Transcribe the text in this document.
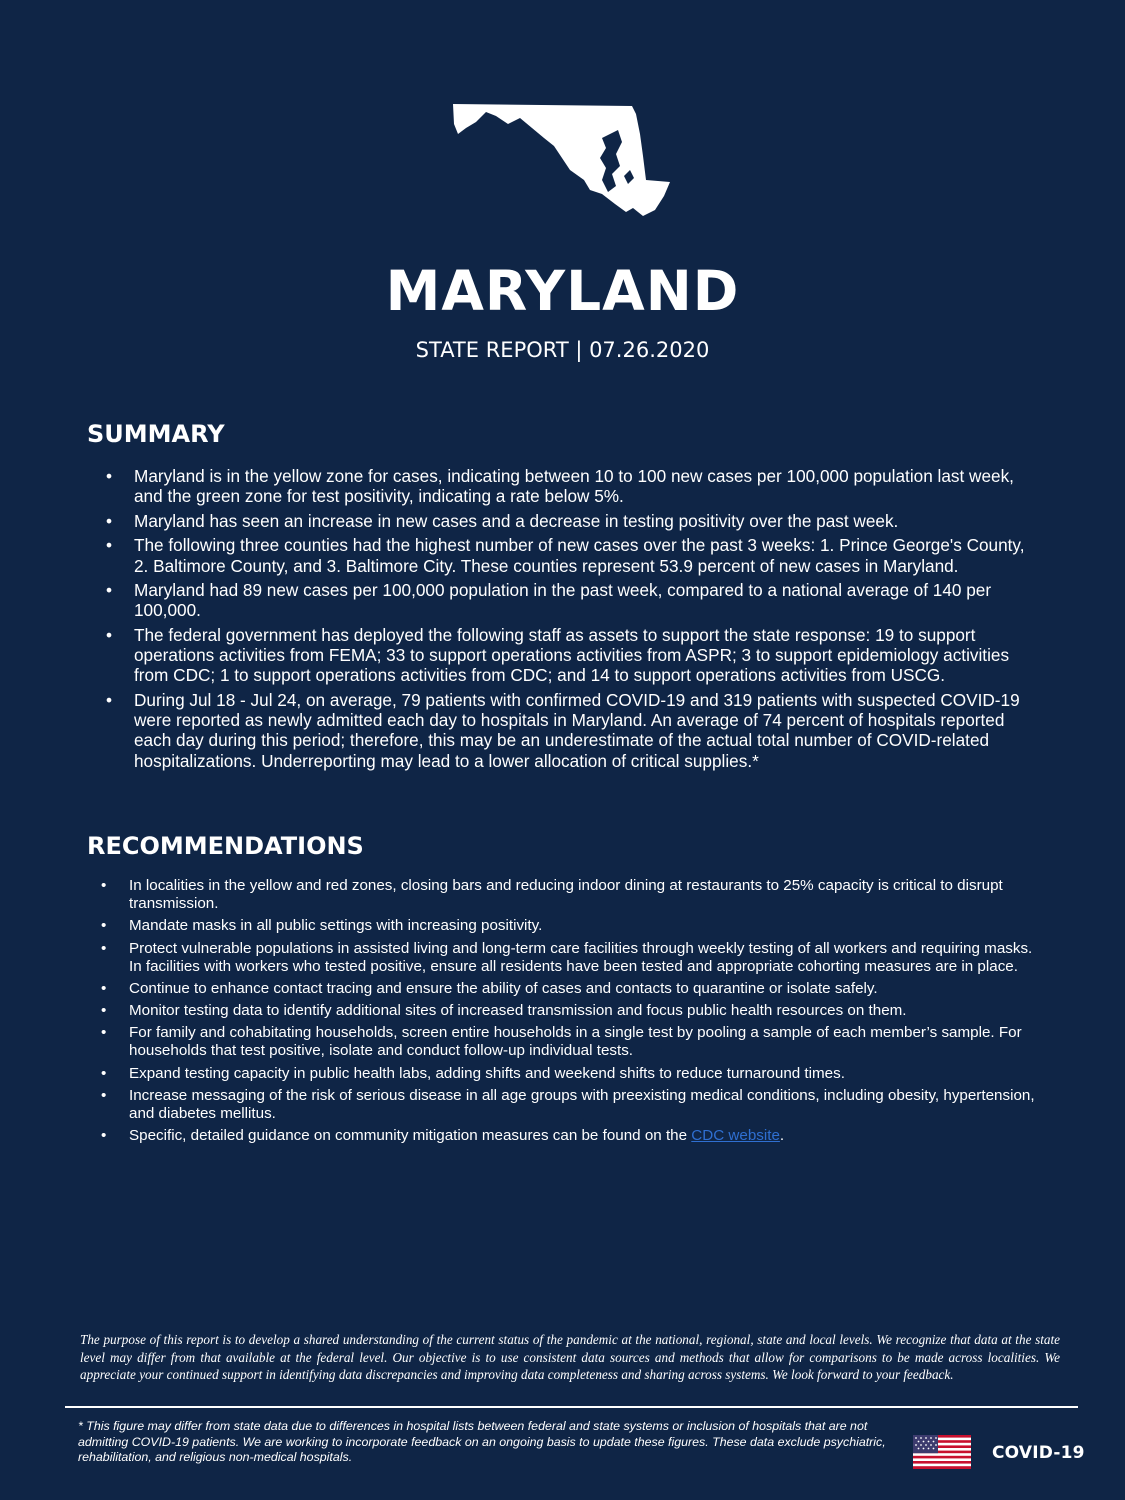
MARYLAND
STATE REPORT | 07.26.2020
SUMMARY
• Maryland is in the yellow zone for cases, indicating between 10 to 100 new cases per 100,000 population last week, and the green zone for test positivity, indicating a rate below 5%.
• Maryland has seen an increase in new cases and a decrease in testing positivity over the past week.
• The following three counties had the highest number of new cases over the past 3 weeks: 1. Prince George's County, 2. Baltimore County, and 3. Baltimore City. These counties represent 53.9 percent of new cases in Maryland.
• Maryland had 89 new cases per 100,000 population in the past week, compared to a national average of 140 per 100,000.
• The federal government has deployed the following staff as assets to support the state response: 19 to support operations activities from FEMA; 33 to support operations activities from ASPR; 3 to support epidemiology activities from CDC; 1 to support operations activities from CDC; and 14 to support operations activities from USCG.
• During Jul 18 - Jul 24, on average, 79 patients with confirmed COVID-19 and 319 patients with suspected COVID-19 were reported as newly admitted each day to hospitals in Maryland. An average of 74 percent of hospitals reported each day during this period; therefore, this may be an underestimate of the actual total number of COVID-related hospitalizations. Underreporting may lead to a lower allocation of critical supplies.*
RECOMMENDATIONS
• In localities in the yellow and red zones, closing bars and reducing indoor dining at restaurants to 25% capacity is critical to disrupt transmission.
• Mandate masks in all public settings with increasing positivity.
• Protect vulnerable populations in assisted living and long-term care facilities through weekly testing of all workers and requiring masks. In facilities with workers who tested positive, ensure all residents have been tested and appropriate cohorting measures are in place.
• Continue to enhance contact tracing and ensure the ability of cases and contacts to quarantine or isolate safely.
• Monitor testing data to identify additional sites of increased transmission and focus public health resources on them.
• For family and cohabitating households, screen entire households in a single test by pooling a sample of each member’s sample. For households that test positive, isolate and conduct follow-up individual tests.
• Expand testing capacity in public health labs, adding shifts and weekend shifts to reduce turnaround times.
• Increase messaging of the risk of serious disease in all age groups with preexisting medical conditions, including obesity, hypertension, and diabetes mellitus.
• Specific, detailed guidance on community mitigation measures can be found on the CDC website.
The purpose of this report is to develop a shared understanding of the current status of the pandemic at the national, regional, state and local levels. We recognize that data at the state level may differ from that available at the federal level. Our objective is to use consistent data sources and methods that allow for comparisons to be made across localities. We appreciate your continued support in identifying data discrepancies and improving data completeness and sharing across systems. We look forward to your feedback.
* This figure may differ from state data due to differences in hospital lists between federal and state systems or inclusion of hospitals that are not admitting COVID-19 patients. We are working to incorporate feedback on an ongoing basis to update these figures. These data exclude psychiatric, rehabilitation, and religious non-medical hospitals.	COVID-19
